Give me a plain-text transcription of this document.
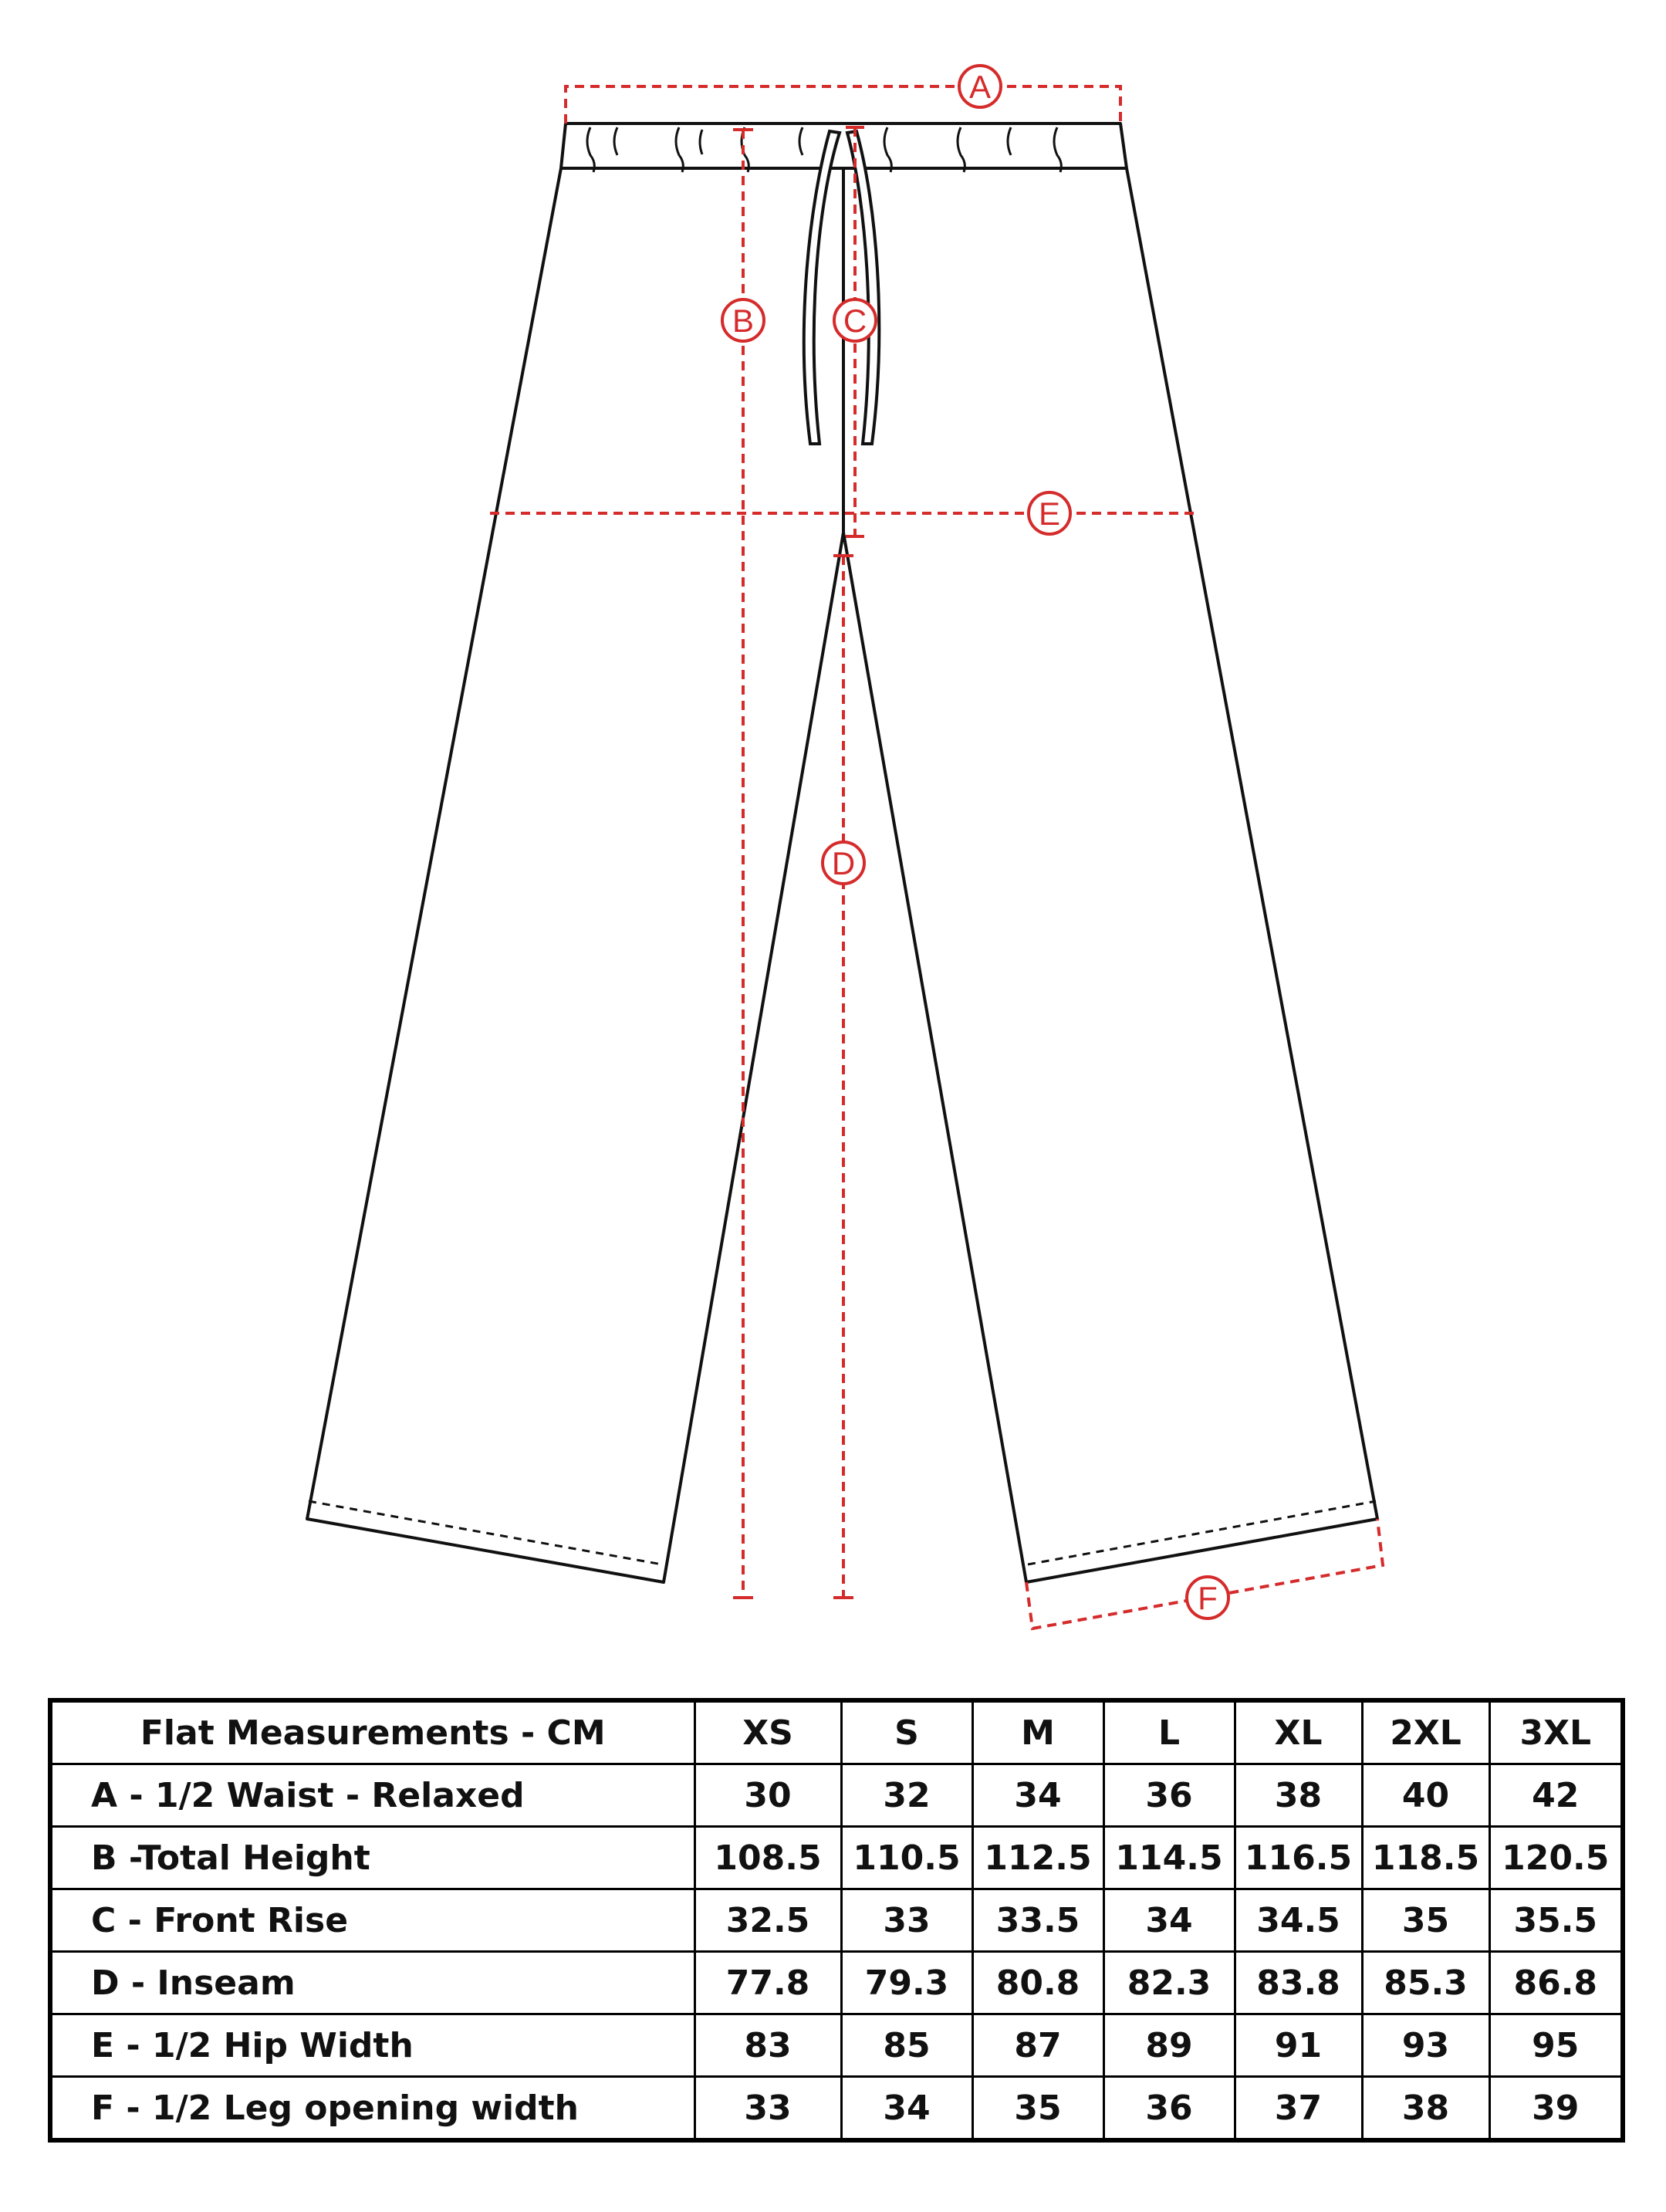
A
B	C
D
E
F
Flat Measurements - CM	XS	S	M	L	XL	2XL	3XL
A - 1/2 Waist - Relaxed	30	32	34	36	38	40	42
B -Total Height	108.5	110.5	112.5	114.5	116.5	118.5	120.5
C - Front Rise	32.5	33	33.5	34	34.5	35	35.5
D - Inseam	77.8	79.3	80.8	82.3	83.8	85.3	86.8
E - 1/2 Hip Width	83	85	87	89	91	93	95
F - 1/2 Leg opening width	33	34	35	36	37	38	39
